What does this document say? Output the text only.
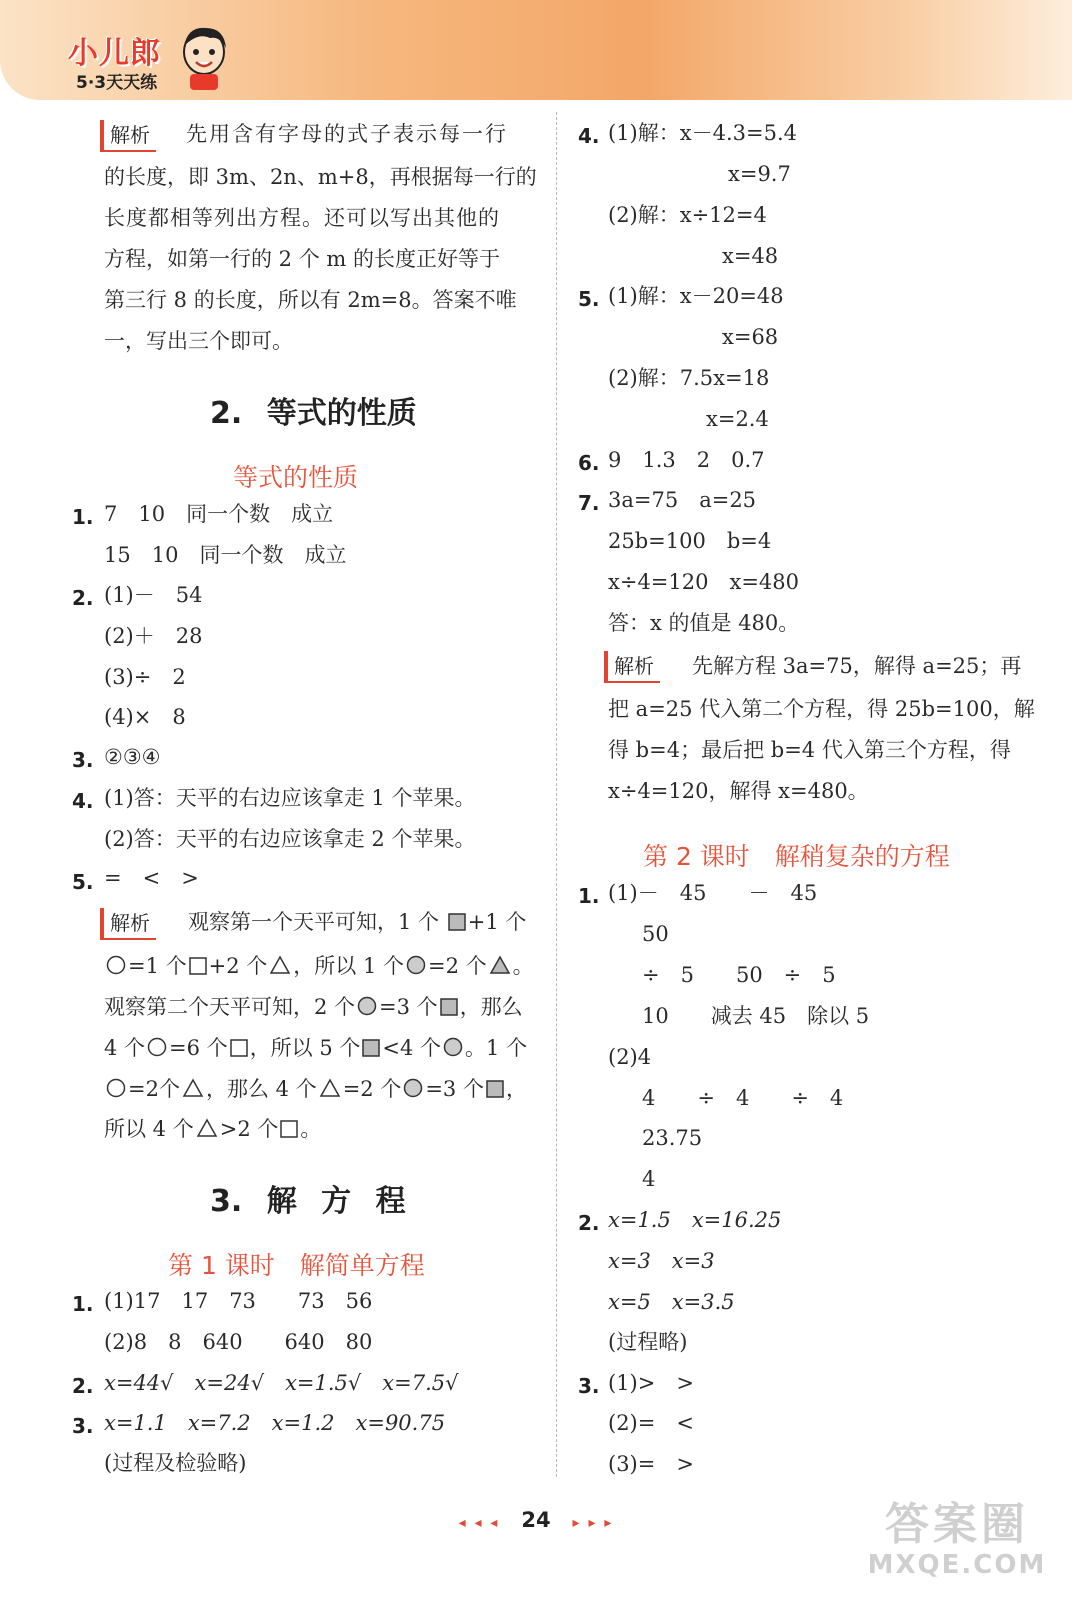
小儿郎
5·3天天练
解析 先用含有字母的式子表示每一行
的长度，即 3m、2n、m+8，再根据每一行的
长度都相等列出方程。还可以写出其他的
方程，如第一行的 2 个 m 的长度正好等于
第三行 8 的长度，所以有 2m=8。答案不唯
一，写出三个即可。
2. 等式的性质
等式的性质
1. 7　10　同一个数　成立
15　10　同一个数　成立
2. (1)－　54
(2)＋　28
(3)÷　2
(4)×　8
3. ②③④
4. (1)答：天平的右边应该拿走 1 个苹果。
(2)答：天平的右边应该拿走 2 个苹果。
5. =　<　>
解析 观察第一个天平可知，1 个 +1 个
=1 个 +2 个 ，所以 1 个 =2 个 。
观察第二个天平可知，2 个 =3 个 ，那么
4 个 =6 个 ，所以 5 个 <4 个 。1 个
=2个 ，那么 4 个 =2 个 =3 个 ，
所以 4 个 >2 个 。
3. 解 方 程
第 1 课时　解简单方程
1. (1)17　17　73　　73　56
(2)8　8　640　　640　80
2. x=44√　x=24√　x=1.5√　x=7.5√
3. x=1.1　x=7.2　x=1.2　x=90.75
(过程及检验略)
4. (1)解：x－4.3=5.4
x=9.7
(2)解：x÷12=4
x=48
5. (1)解：x－20=48
x=68
(2)解：7.5x=18
x=2.4
6. 9　1.3　2　0.7
7. 3a=75　a=25
25b=100　b=4
x÷4=120　x=480
答：x 的值是 480。
解析 先解方程 3a=75，解得 a=25；再
把 a=25 代入第二个方程，得 25b=100，解
得 b=4；最后把 b=4 代入第三个方程，得
x÷4=120，解得 x=480。
第 2 课时　解稍复杂的方程
1. (1)－　45　　－　45
50
÷　5　　50　÷　5
10　　减去 45　除以 5
(2)4
4　　÷　4　　÷　4
23.75
4
2. x=1.5　x=16.25
x=3　x=3
x=5　x=3.5
(过程略)
3. (1)>　>
(2)=　<
(3)=　>
◂ ◂ ◂ 24 ▸ ▸ ▸	答案圈
MXQE.COM
